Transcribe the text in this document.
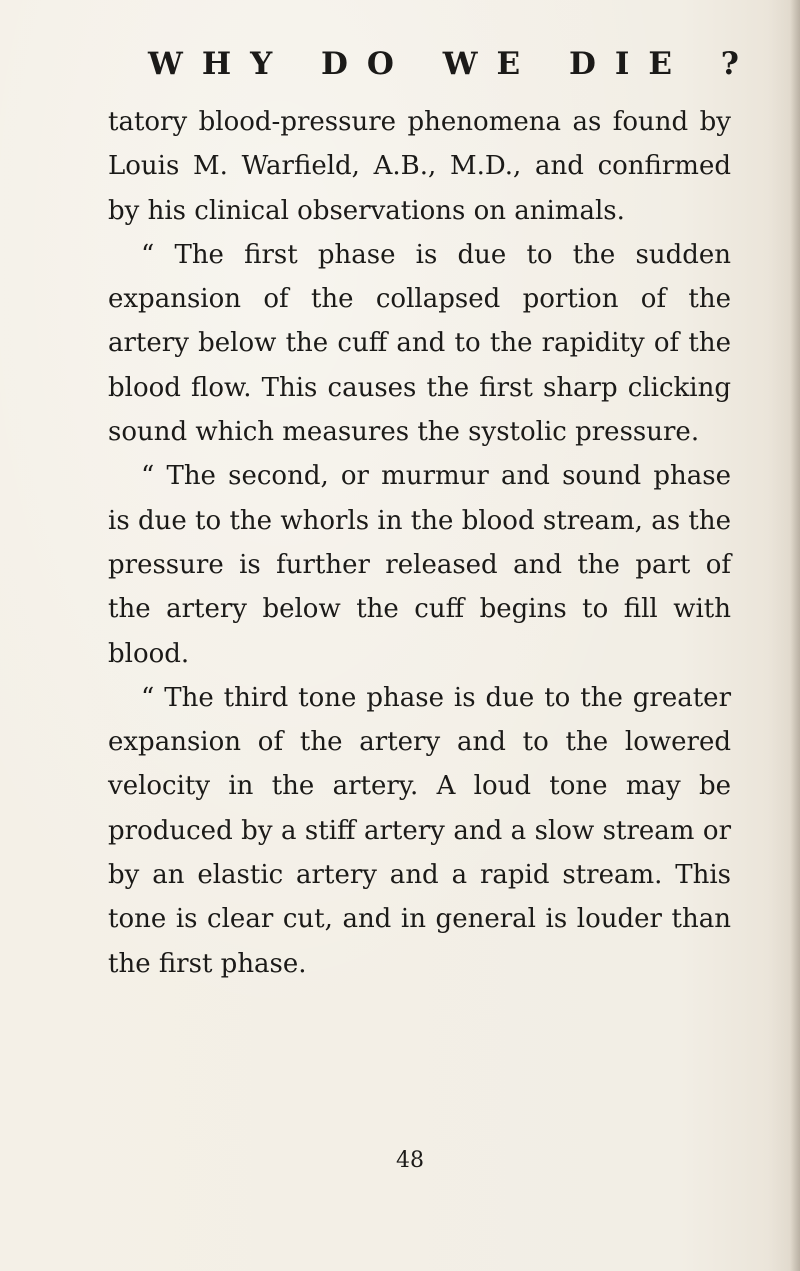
WHY DO WE DIE ?

tatory blood-pressure phenomena as found by Louis M. Warfield, A.B., M.D., and confirmed by his clinical observations on animals.

“ The first phase is due to the sudden expansion of the collapsed portion of the artery below the cuff and to the rapidity of the blood flow. This causes the first sharp clicking sound which measures the systolic pressure.

“ The second, or murmur and sound phase is due to the whorls in the blood stream, as the pressure is further released and the part of the artery below the cuff begins to fill with blood.

“ The third tone phase is due to the greater expansion of the artery and to the lowered velocity in the artery. A loud tone may be produced by a stiff artery and a slow stream or by an elastic artery and a rapid stream. This tone is clear cut, and in general is louder than the first phase.

48
